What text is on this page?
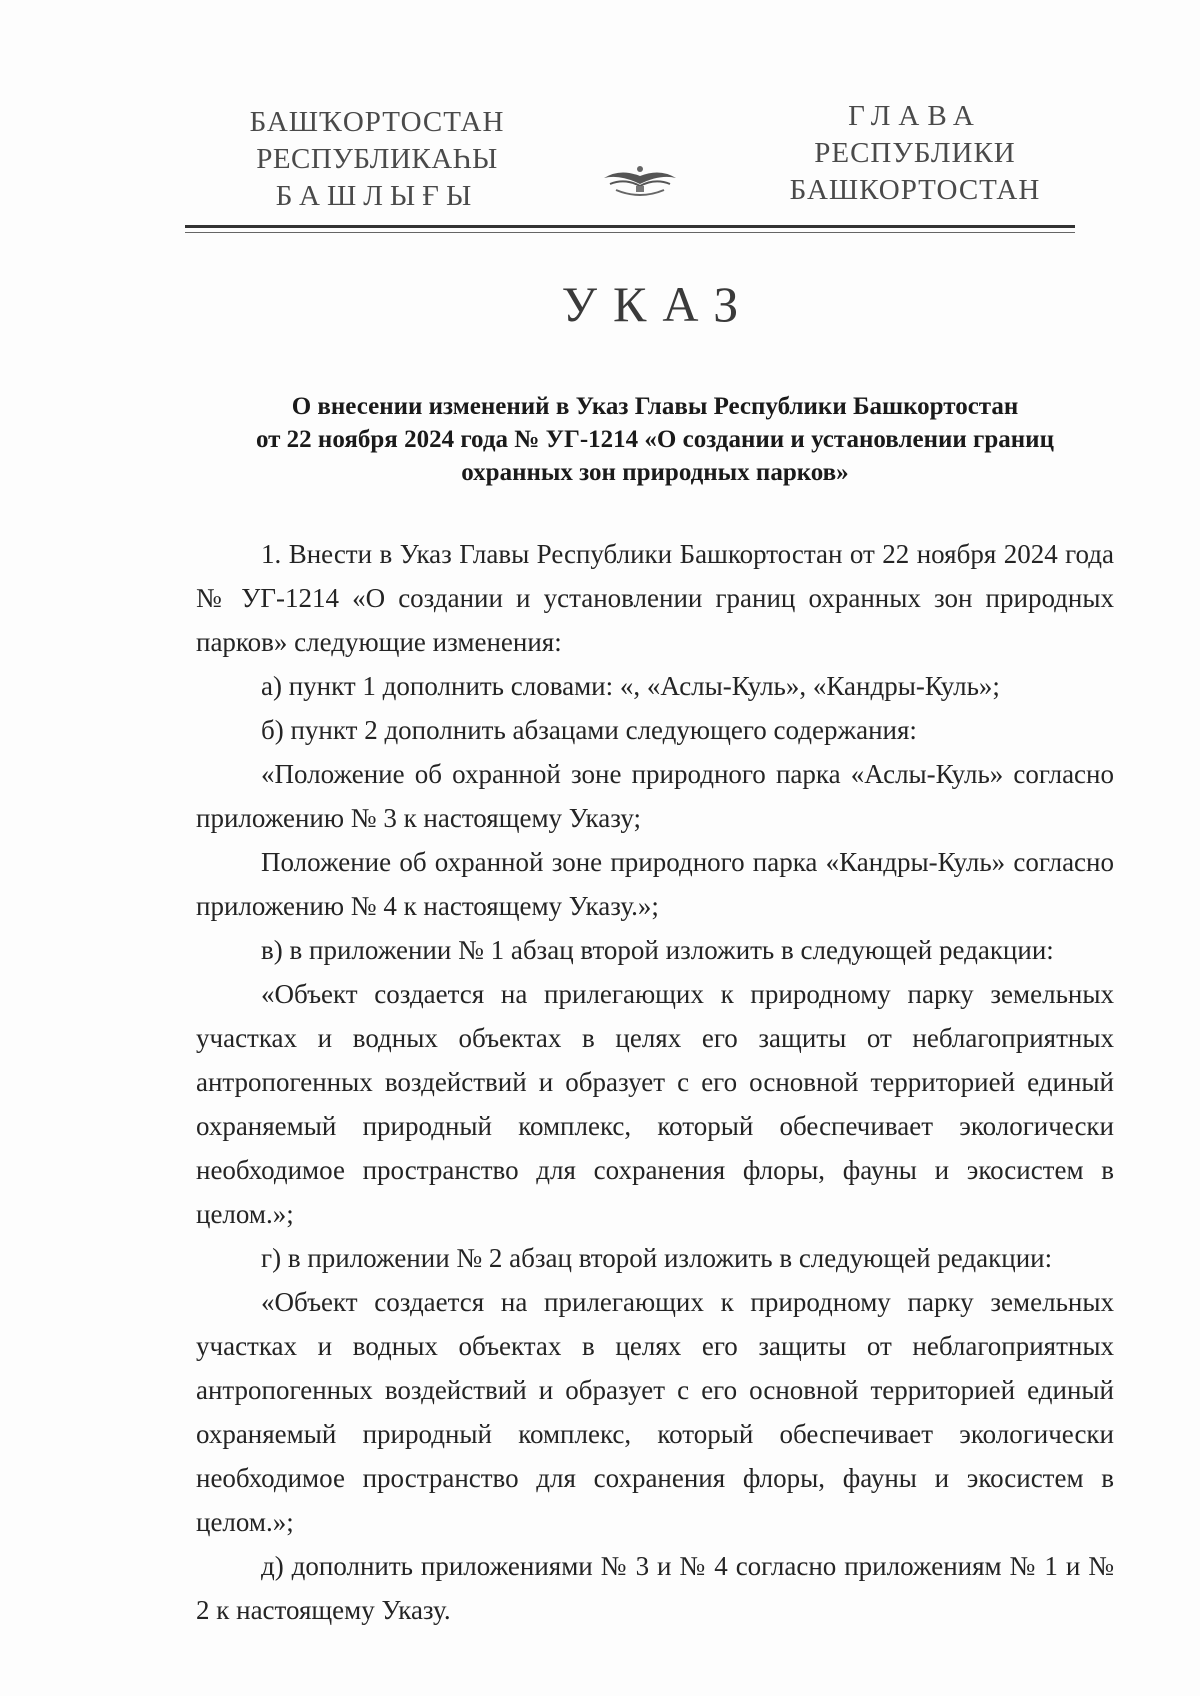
БАШҠОРТОСТАН
РЕСПУБЛИКАҺЫ
БАШЛЫҒЫ
ГЛАВА
РЕСПУБЛИКИ
БАШКОРТОСТАН
УКАЗ
О внесении изменений в Указ Главы Республики Башкортостан
от 22 ноября 2024 года № УГ-1214 «О создании и установлении границ
охранных зон природных парков»

1. Внести в Указ Главы Республики Башкортостан от 22 ноября 2024 года № УГ-1214 «О создании и установлении границ охранных зон природных парков» следующие изменения:

а) пункт 1 дополнить словами: «, «Аслы-Куль», «Кандры-Куль»;

б) пункт 2 дополнить абзацами следующего содержания:

«Положение об охранной зоне природного парка «Аслы-Куль» согласно приложению № 3 к настоящему Указу;

Положение об охранной зоне природного парка «Кандры-Куль» согласно приложению № 4 к настоящему Указу.»;

в) в приложении № 1 абзац второй изложить в следующей редакции:

«Объект создается на прилегающих к природному парку земельных участках и водных объектах в целях его защиты от неблагоприятных антропогенных воздействий и образует с его основной территорией единый охраняемый природный комплекс, который обеспечивает экологически необходимое пространство для сохранения флоры, фауны и экосистем в целом.»;

г) в приложении № 2 абзац второй изложить в следующей редакции:

«Объект создается на прилегающих к природному парку земельных участках и водных объектах в целях его защиты от неблагоприятных антропогенных воздействий и образует с его основной территорией единый охраняемый природный комплекс, который обеспечивает экологически необходимое пространство для сохранения флоры, фауны и экосистем в целом.»;

д) дополнить приложениями № 3 и № 4 согласно приложениям № 1 и № 2 к настоящему Указу.
